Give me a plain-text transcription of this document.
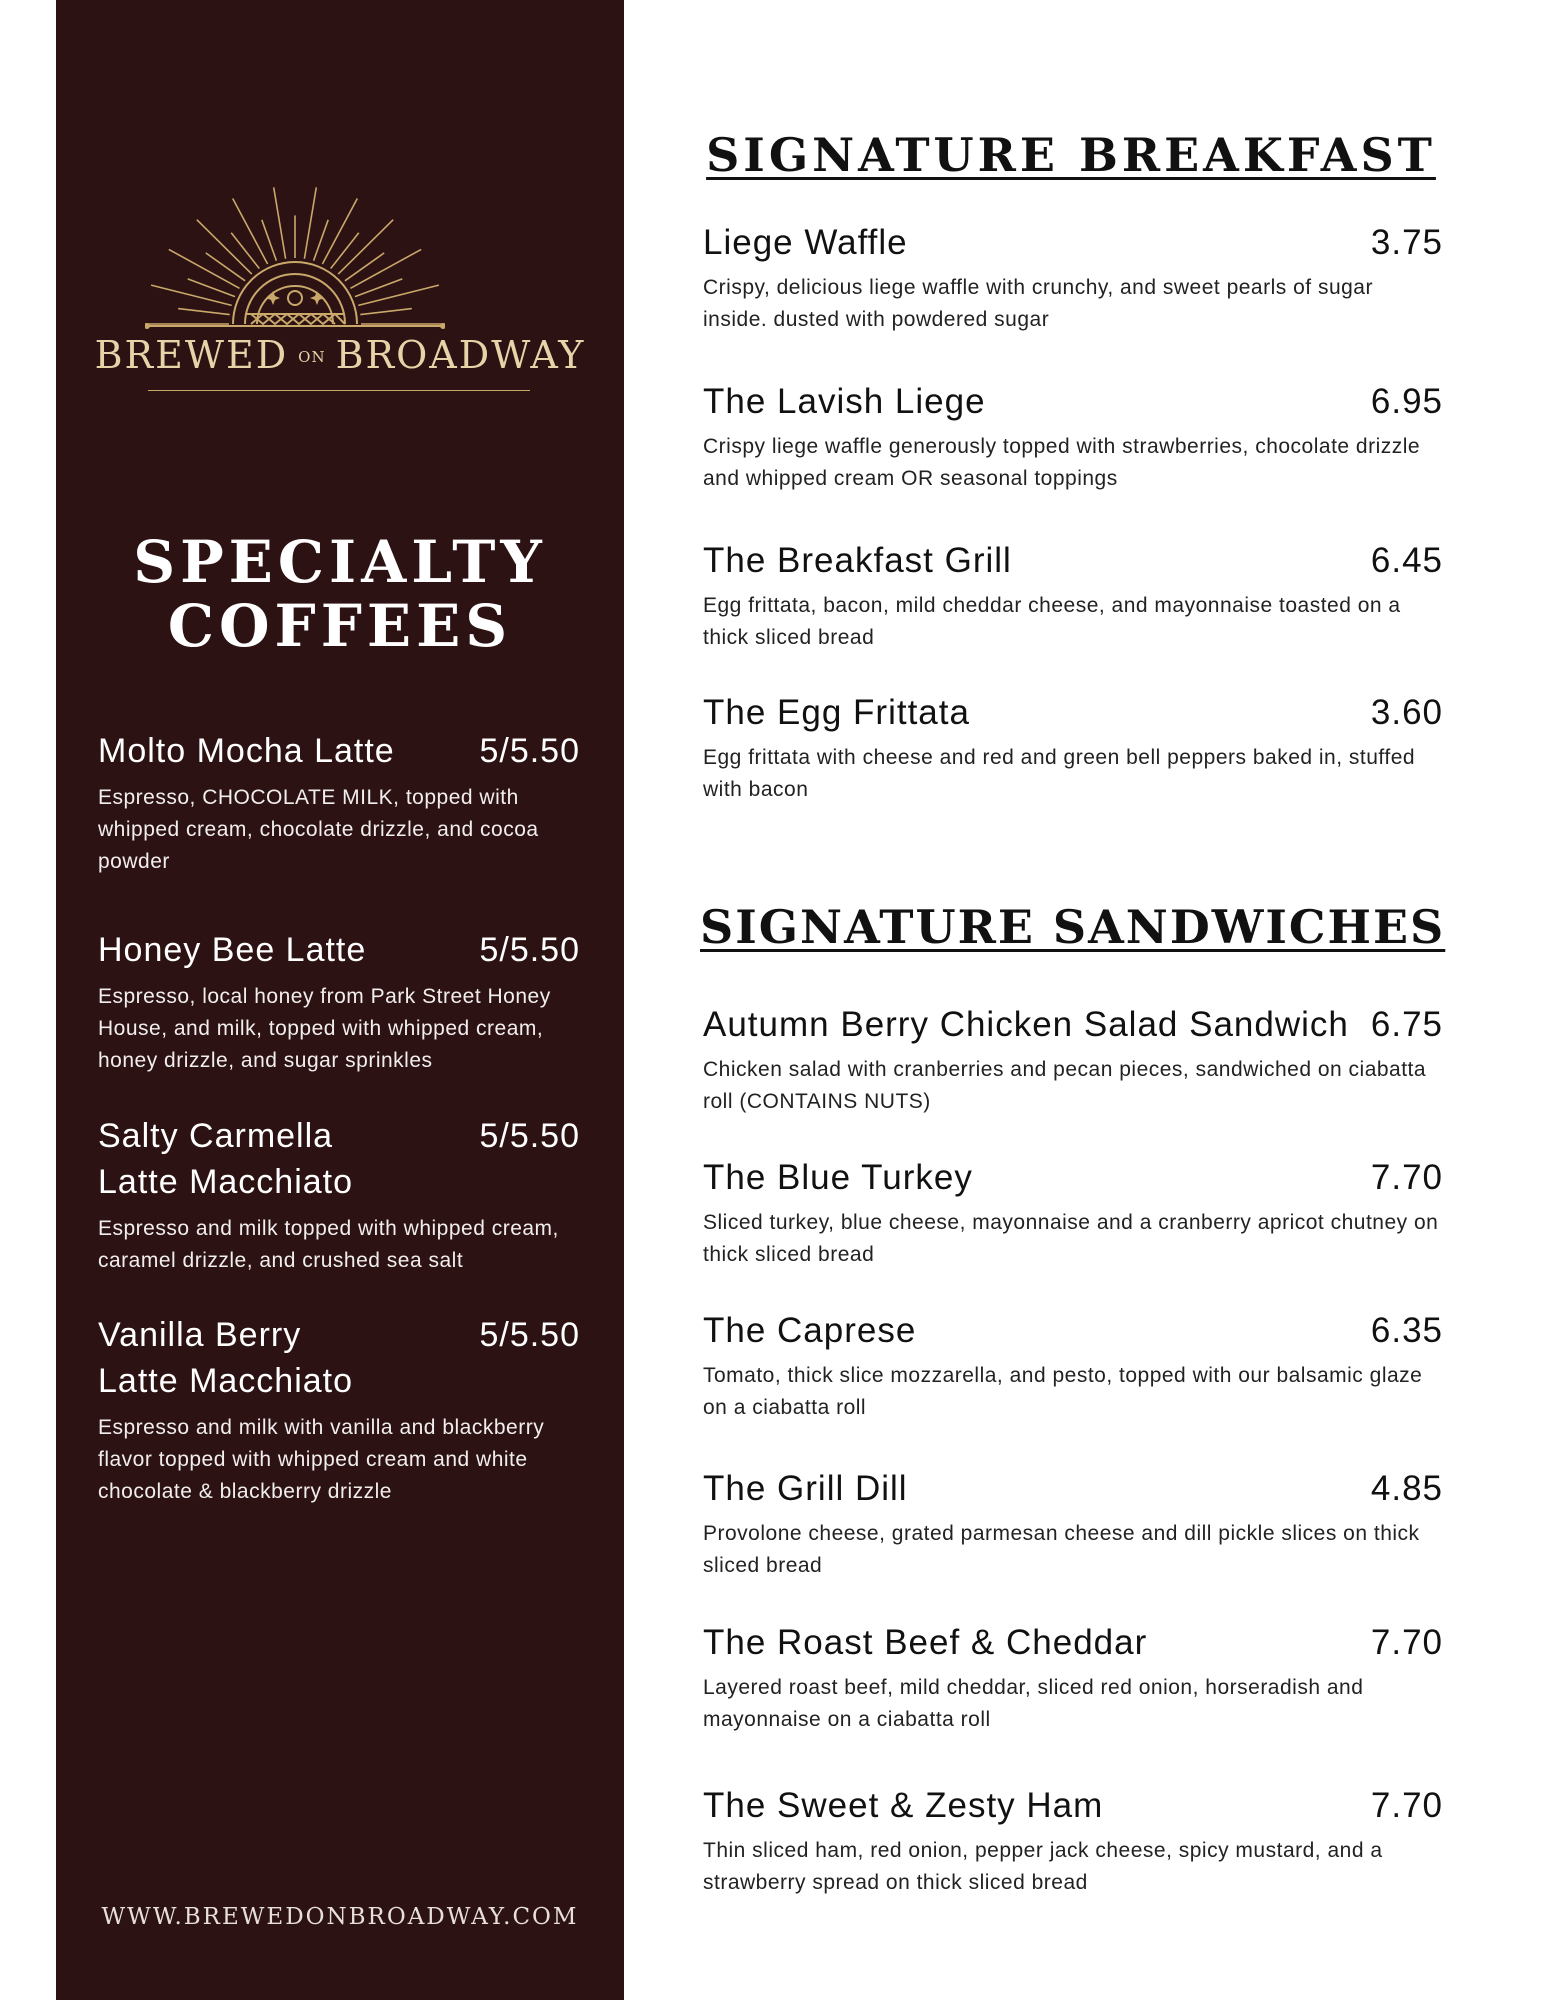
BREWED ON BROADWAY
SPECIALTY
COFFEES
Molto Mocha Latte 5/5.50
Espresso, CHOCOLATE MILK, topped with whipped cream, chocolate drizzle, and cocoa powder
Honey Bee Latte	5/5.50
Espresso, local honey from Park Street Honey House, and milk, topped with whipped cream, honey drizzle, and sugar sprinkles
Salty Carmella
Latte Macchiato
5/5.50
Espresso and milk topped with whipped cream, caramel drizzle, and crushed sea salt
Vanilla Berry
Latte Macchiato
5/5.50
Espresso and milk with vanilla and blackberry flavor topped with whipped cream and white chocolate & blackberry drizzle
WWW.BREWEDONBROADWAY.COM
SIGNATURE BREAKFAST
Liege Waffle	3.75
Crispy, delicious liege waffle with crunchy, and sweet pearls of sugar inside. dusted with powdered sugar
The Lavish Liege	6.95
Crispy liege waffle generously topped with strawberries, chocolate drizzle and whipped cream OR seasonal toppings
The Breakfast Grill	6.45
Egg frittata, bacon, mild cheddar cheese, and mayonnaise toasted on a thick sliced bread
The Egg Frittata	3.60
Egg frittata with cheese and red and green bell peppers baked in, stuffed with bacon
SIGNATURE SANDWICHES
Autumn Berry Chicken Salad Sandwich 6.75
Chicken salad with cranberries and pecan pieces, sandwiched on ciabatta roll (CONTAINS NUTS)
The Blue Turkey	7.70
Sliced turkey, blue cheese, mayonnaise and a cranberry apricot chutney on thick sliced bread
The Caprese	6.35
Tomato, thick slice mozzarella, and pesto, topped with our balsamic glaze on a ciabatta roll
The Grill Dill	4.85
Provolone cheese, grated parmesan cheese and dill pickle slices on thick sliced bread
The Roast Beef & Cheddar	7.70
Layered roast beef, mild cheddar, sliced red onion, horseradish and mayonnaise on a ciabatta roll
The Sweet & Zesty Ham	7.70
Thin sliced ham, red onion, pepper jack cheese, spicy mustard, and a strawberry spread on thick sliced bread
